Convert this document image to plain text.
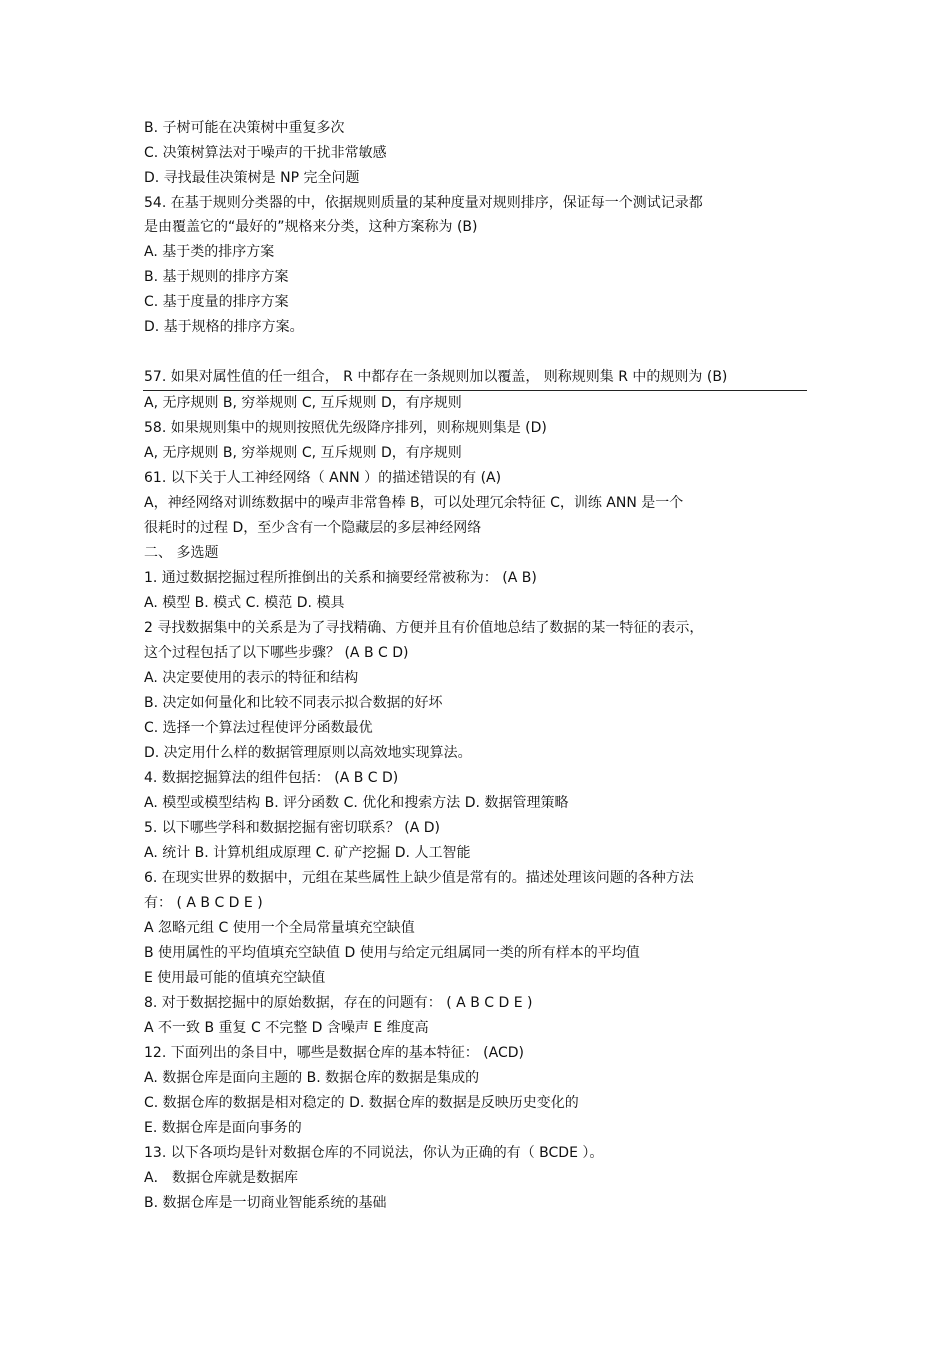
B. 子树可能在决策树中重复多次
C. 决策树算法对于噪声的干扰非常敏感
D. 寻找最佳决策树是 NP 完全问题
54. 在基于规则分类器的中，依据规则质量的某种度量对规则排序，保证每一个测试记录都
是由覆盖它的“最好的”规格来分类，这种方案称为 (B)
A. 基于类的排序方案
B. 基于规则的排序方案
C. 基于度量的排序方案
D. 基于规格的排序方案。
57. 如果对属性值的任一组合， R 中都存在一条规则加以覆盖， 则称规则集 R 中的规则为 (B)
A, 无序规则 B, 穷举规则 C, 互斥规则 D，有序规则
58. 如果规则集中的规则按照优先级降序排列，则称规则集是 (D)
A, 无序规则 B, 穷举规则 C, 互斥规则 D，有序规则
61. 以下关于人工神经网络（ ANN ）的描述错误的有 (A)
A，神经网络对训练数据中的噪声非常鲁棒 B，可以处理冗余特征 C，训练 ANN 是一个
很耗时的过程 D，至少含有一个隐藏层的多层神经网络
二、 多选题
1. 通过数据挖掘过程所推倒出的关系和摘要经常被称为： (A B)
A. 模型 B. 模式 C. 模范 D. 模具
2 寻找数据集中的关系是为了寻找精确、方便并且有价值地总结了数据的某一特征的表示，
这个过程包括了以下哪些步骤？ (A B C D)
A. 决定要使用的表示的特征和结构
B. 决定如何量化和比较不同表示拟合数据的好坏
C. 选择一个算法过程使评分函数最优
D. 决定用什么样的数据管理原则以高效地实现算法。
4. 数据挖掘算法的组件包括： (A B C D)
A. 模型或模型结构 B. 评分函数 C. 优化和搜索方法 D. 数据管理策略
5. 以下哪些学科和数据挖掘有密切联系？ (A D)
A. 统计 B. 计算机组成原理 C. 矿产挖掘 D. 人工智能
6. 在现实世界的数据中，元组在某些属性上缺少值是常有的。描述处理该问题的各种方法
有： ( A B C D E )
A 忽略元组 C 使用一个全局常量填充空缺值
B 使用属性的平均值填充空缺值 D 使用与给定元组属同一类的所有样本的平均值
E 使用最可能的值填充空缺值
8. 对于数据挖掘中的原始数据，存在的问题有： ( A B C D E )
A 不一致 B 重复 C 不完整 D 含噪声 E 维度高
12. 下面列出的条目中，哪些是数据仓库的基本特征： (ACD)
A. 数据仓库是面向主题的 B. 数据仓库的数据是集成的
C. 数据仓库的数据是相对稳定的 D. 数据仓库的数据是反映历史变化的
E. 数据仓库是面向事务的
13. 以下各项均是针对数据仓库的不同说法，你认为正确的有（ BCDE ）。
A． 数据仓库就是数据库
B. 数据仓库是一切商业智能系统的基础
